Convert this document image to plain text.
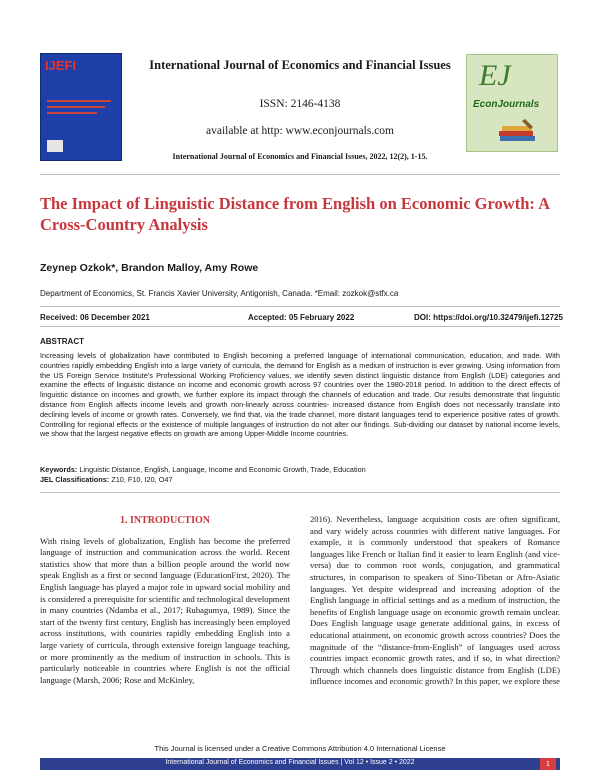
IJEFI	EJ
EconJournals
International Journal of Economics and Financial Issues
ISSN: 2146-4138
available at http: www.econjournals.com
International Journal of Economics and Financial Issues, 2022, 12(2), 1-15.
The Impact of Linguistic Distance from English on Economic Growth: A Cross-Country Analysis
Zeynep Ozkok*, Brandon Malloy, Amy Rowe
Department of Economics, St. Francis Xavier University, Antigonish, Canada. *Email: zozkok@stfx.ca
Received: 06 December 2021	Accepted: 05 February 2022	DOI: https://doi.org/10.32479/ijefi.12725
ABSTRACT

Increasing levels of globalization have contributed to English becoming a preferred language of international communication, education, and trade. With countries rapidly embedding English into a large variety of curricula, the demand for English as a medium of instruction is ever growing. Using information from the US Foreign Service Institute's Professional Working Proficiency values, we identify seven distinct linguistic distance from English (LDE) categories and examine the effects of linguistic distance on income and economic growth across 97 countries over the 1980-2018 period. In addition to the direct effects of linguistic distance on incomes and growth, we further explore its impact through the channels of education and trade. Our results demonstrate that linguistic distance from English affects income levels and growth non-linearly across countries- increased distance from English does not necessarily translate into declining levels of income or growth rates. Conversely, we find that, via the trade channel, more distant languages tend to experience positive rates of growth. Controlling for regional effects or the existence of multiple languages of instruction do not alter our findings. Sub-dividing our dataset by national income levels, we show that the largest negative effects on growth are among Upper-Middle Income countries.

Keywords: Linguistic Distance, English, Language, Income and Economic Growth, Trade, Education
JEL Classifications: Z10, F10, I20, O47
1. INTRODUCTION

With rising levels of globalization, English has become the preferred language of instruction and communication across the world. Recent statistics show that more than a billion people around the world now speak English as a first or second language (EducationFirst, 2020). The English language has played a major role in upward social mobility and is considered a prerequisite for scientific and technological development in many countries (Ndamba et al., 2017; Rubagumya, 1989). Since the start of the twenty first century, English has increasingly been employed across institutions, with countries rapidly embedding English into a large variety of curricula, through extensive foreign language teaching, or more prominently as the medium of instruction in schools. This is particularly noticeable in countries where English is not the official language (Marsh, 2006; Rose and McKinley,

2016). Nevertheless, language acquisition costs are often significant, and vary widely across countries with different native languages. For example, it is commonly understood that speakers of Romance languages like French or Italian find it easier to learn English (and vice-versa) due to common root words, conjugation, and grammatical structures, in comparison to speakers of Sino-Tibetan or Afro-Asiatic languages. Yet despite widespread and increasing adoption of the English language in official settings and as a medium of instruction, the benefits of English language usage on economic growth remain unclear. Does English language usage generate additional gains, in excess of educational attainment, on economic growth across countries? Does the magnitude of the “distance-from-English” of languages used across countries impact economic growth rates, and if so, in what direction? Through which channels does linguistic distance from English (LDE) influence incomes and economic growth? In this paper, we explore these

This Journal is licensed under a Creative Commons Attribution 4.0 International License
International Journal of Economics and Financial Issues | Vol 12 • Issue 2 • 2022	1
